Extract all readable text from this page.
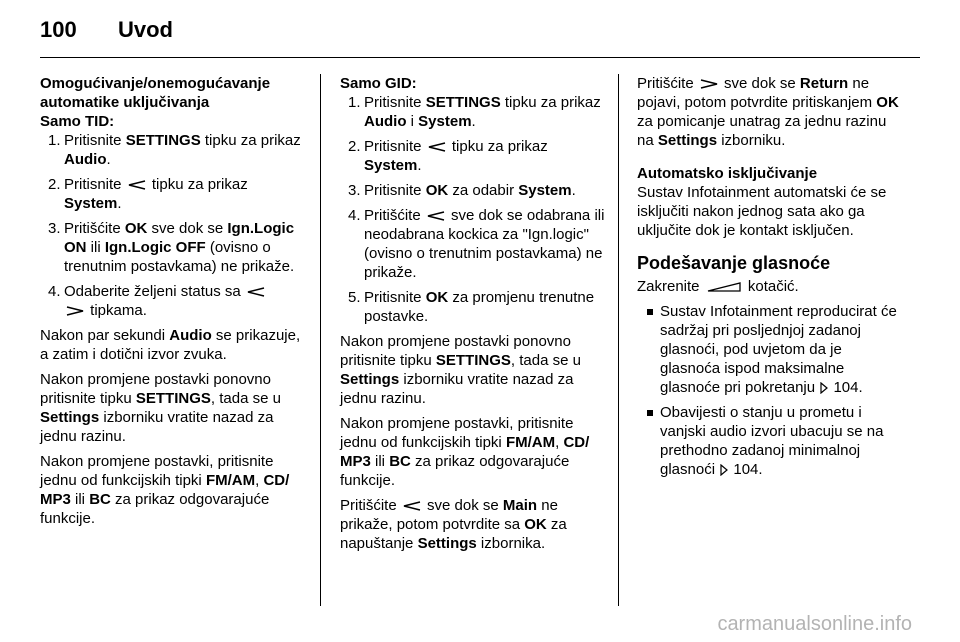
100 Uvod

Omogućivanje/onemogućavanje automatike uključivanja

Samo TID:

1. Pritisnite SETTINGS tipku za prikaz Audio.
2. Pritisnite  tipku za prikaz System.
3. Pritišćite OK sve dok se Ign.Logic ON ili Ign.Logic OFF (ovisno o trenutnim postavkama) ne prikaže.
4. Odaberite željeni status sa
tipkama.

Nakon par sekundi Audio se prikazuje, a zatim i dotični izvor zvuka.

Nakon promjene postavki ponovno pritisnite tipku SETTINGS, tada se u Settings izborniku vratite nazad za jednu razinu.

Nakon promjene postavki, pritisnite jednu od funkcijskih tipki FM/AM, CD/ MP3 ili BC za prikaz odgovarajuće funkcije.

Samo GID:

1. Pritisnite SETTINGS tipku za prikaz Audio i System.
2. Pritisnite  tipku za prikaz System.
3. Pritisnite OK za odabir System.
4. Pritišćite  sve dok se odabrana ili neodabrana kockica za "Ign.logic" (ovisno o trenutnim postavkama) ne prikaže.
5. Pritisnite OK za promjenu trenutne postavke.

Nakon promjene postavki ponovno pritisnite tipku SETTINGS, tada se u Settings izborniku vratite nazad za jednu razinu.

Nakon promjene postavki, pritisnite jednu od funkcijskih tipki FM/AM, CD/ MP3 ili BC za prikaz odgovarajuće funkcije.

Pritišćite  sve dok se Main ne prikaže, potom potvrdite sa OK za napuštanje Settings izbornika.

Pritišćite  sve dok se Return ne pojavi, potom potvrdite pritiskanjem OK za pomicanje unatrag za jednu razinu na Settings izborniku.

Automatsko isključivanje

Sustav Infotainment automatski će se isključiti nakon jednog sata ako ga uključite dok je kontakt isključen.

Podešavanje glasnoće

Zakrenite	kotačić.

Sustav Infotainment reproducirat će sadržaj pri posljednjoj zadanoj glasnoći, pod uvjetom da je glasnoća ispod maksimalne glasnoće pri pokretanju  104.
Obavijesti o stanju u prometu i vanjski audio izvori ubacuju se na prethodno zadanoj minimalnoj glasnoći  104.
carmanualsonline.info
